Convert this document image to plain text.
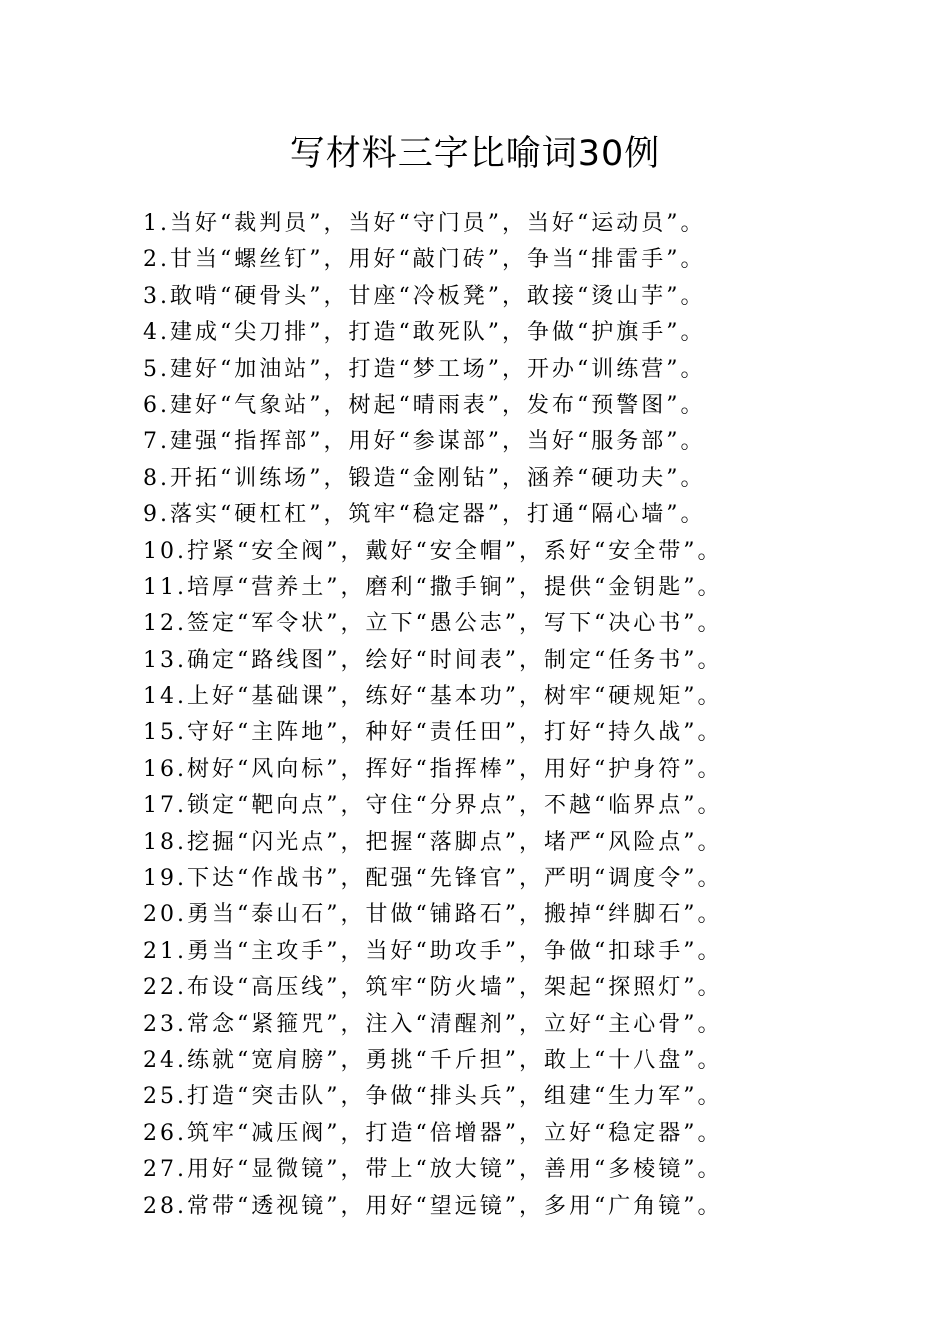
写材料三字比喻词30例
1.当好“裁判员”，当好“守门员”，当好“运动员”。
2.甘当“螺丝钉”，用好“敲门砖”，争当“排雷手”。
3.敢啃“硬骨头”，甘座“冷板凳”，敢接“烫山芋”。
4.建成“尖刀排”，打造“敢死队”，争做“护旗手”。
5.建好“加油站”，打造“梦工场”，开办“训练营”。
6.建好“气象站”，树起“晴雨表”，发布“预警图”。
7.建强“指挥部”，用好“参谋部”，当好“服务部”。
8.开拓“训练场”，锻造“金刚钻”，涵养“硬功夫”。
9.落实“硬杠杠”，筑牢“稳定器”，打通“隔心墙”。
10.拧紧“安全阀”，戴好“安全帽”，系好“安全带”。
11.培厚“营养土”，磨利“撒手锏”，提供“金钥匙”。
12.签定“军令状”，立下“愚公志”，写下“决心书”。
13.确定“路线图”，绘好“时间表”，制定“任务书”。
14.上好“基础课”，练好“基本功”，树牢“硬规矩”。
15.守好“主阵地”，种好“责任田”，打好“持久战”。
16.树好“风向标”，挥好“指挥棒”，用好“护身符”。
17.锁定“靶向点”，守住“分界点”，不越“临界点”。
18.挖掘“闪光点”，把握“落脚点”，堵严“风险点”。
19.下达“作战书”，配强“先锋官”，严明“调度令”。
20.勇当“泰山石”，甘做“铺路石”，搬掉“绊脚石”。
21.勇当“主攻手”，当好“助攻手”，争做“扣球手”。
22.布设“高压线”，筑牢“防火墙”，架起“探照灯”。
23.常念“紧箍咒”，注入“清醒剂”，立好“主心骨”。
24.练就“宽肩膀”，勇挑“千斤担”，敢上“十八盘”。
25.打造“突击队”，争做“排头兵”，组建“生力军”。
26.筑牢“减压阀”，打造“倍增器”，立好“稳定器”。
27.用好“显微镜”，带上“放大镜”，善用“多棱镜”。
28.常带“透视镜”，用好“望远镜”，多用“广角镜”。
